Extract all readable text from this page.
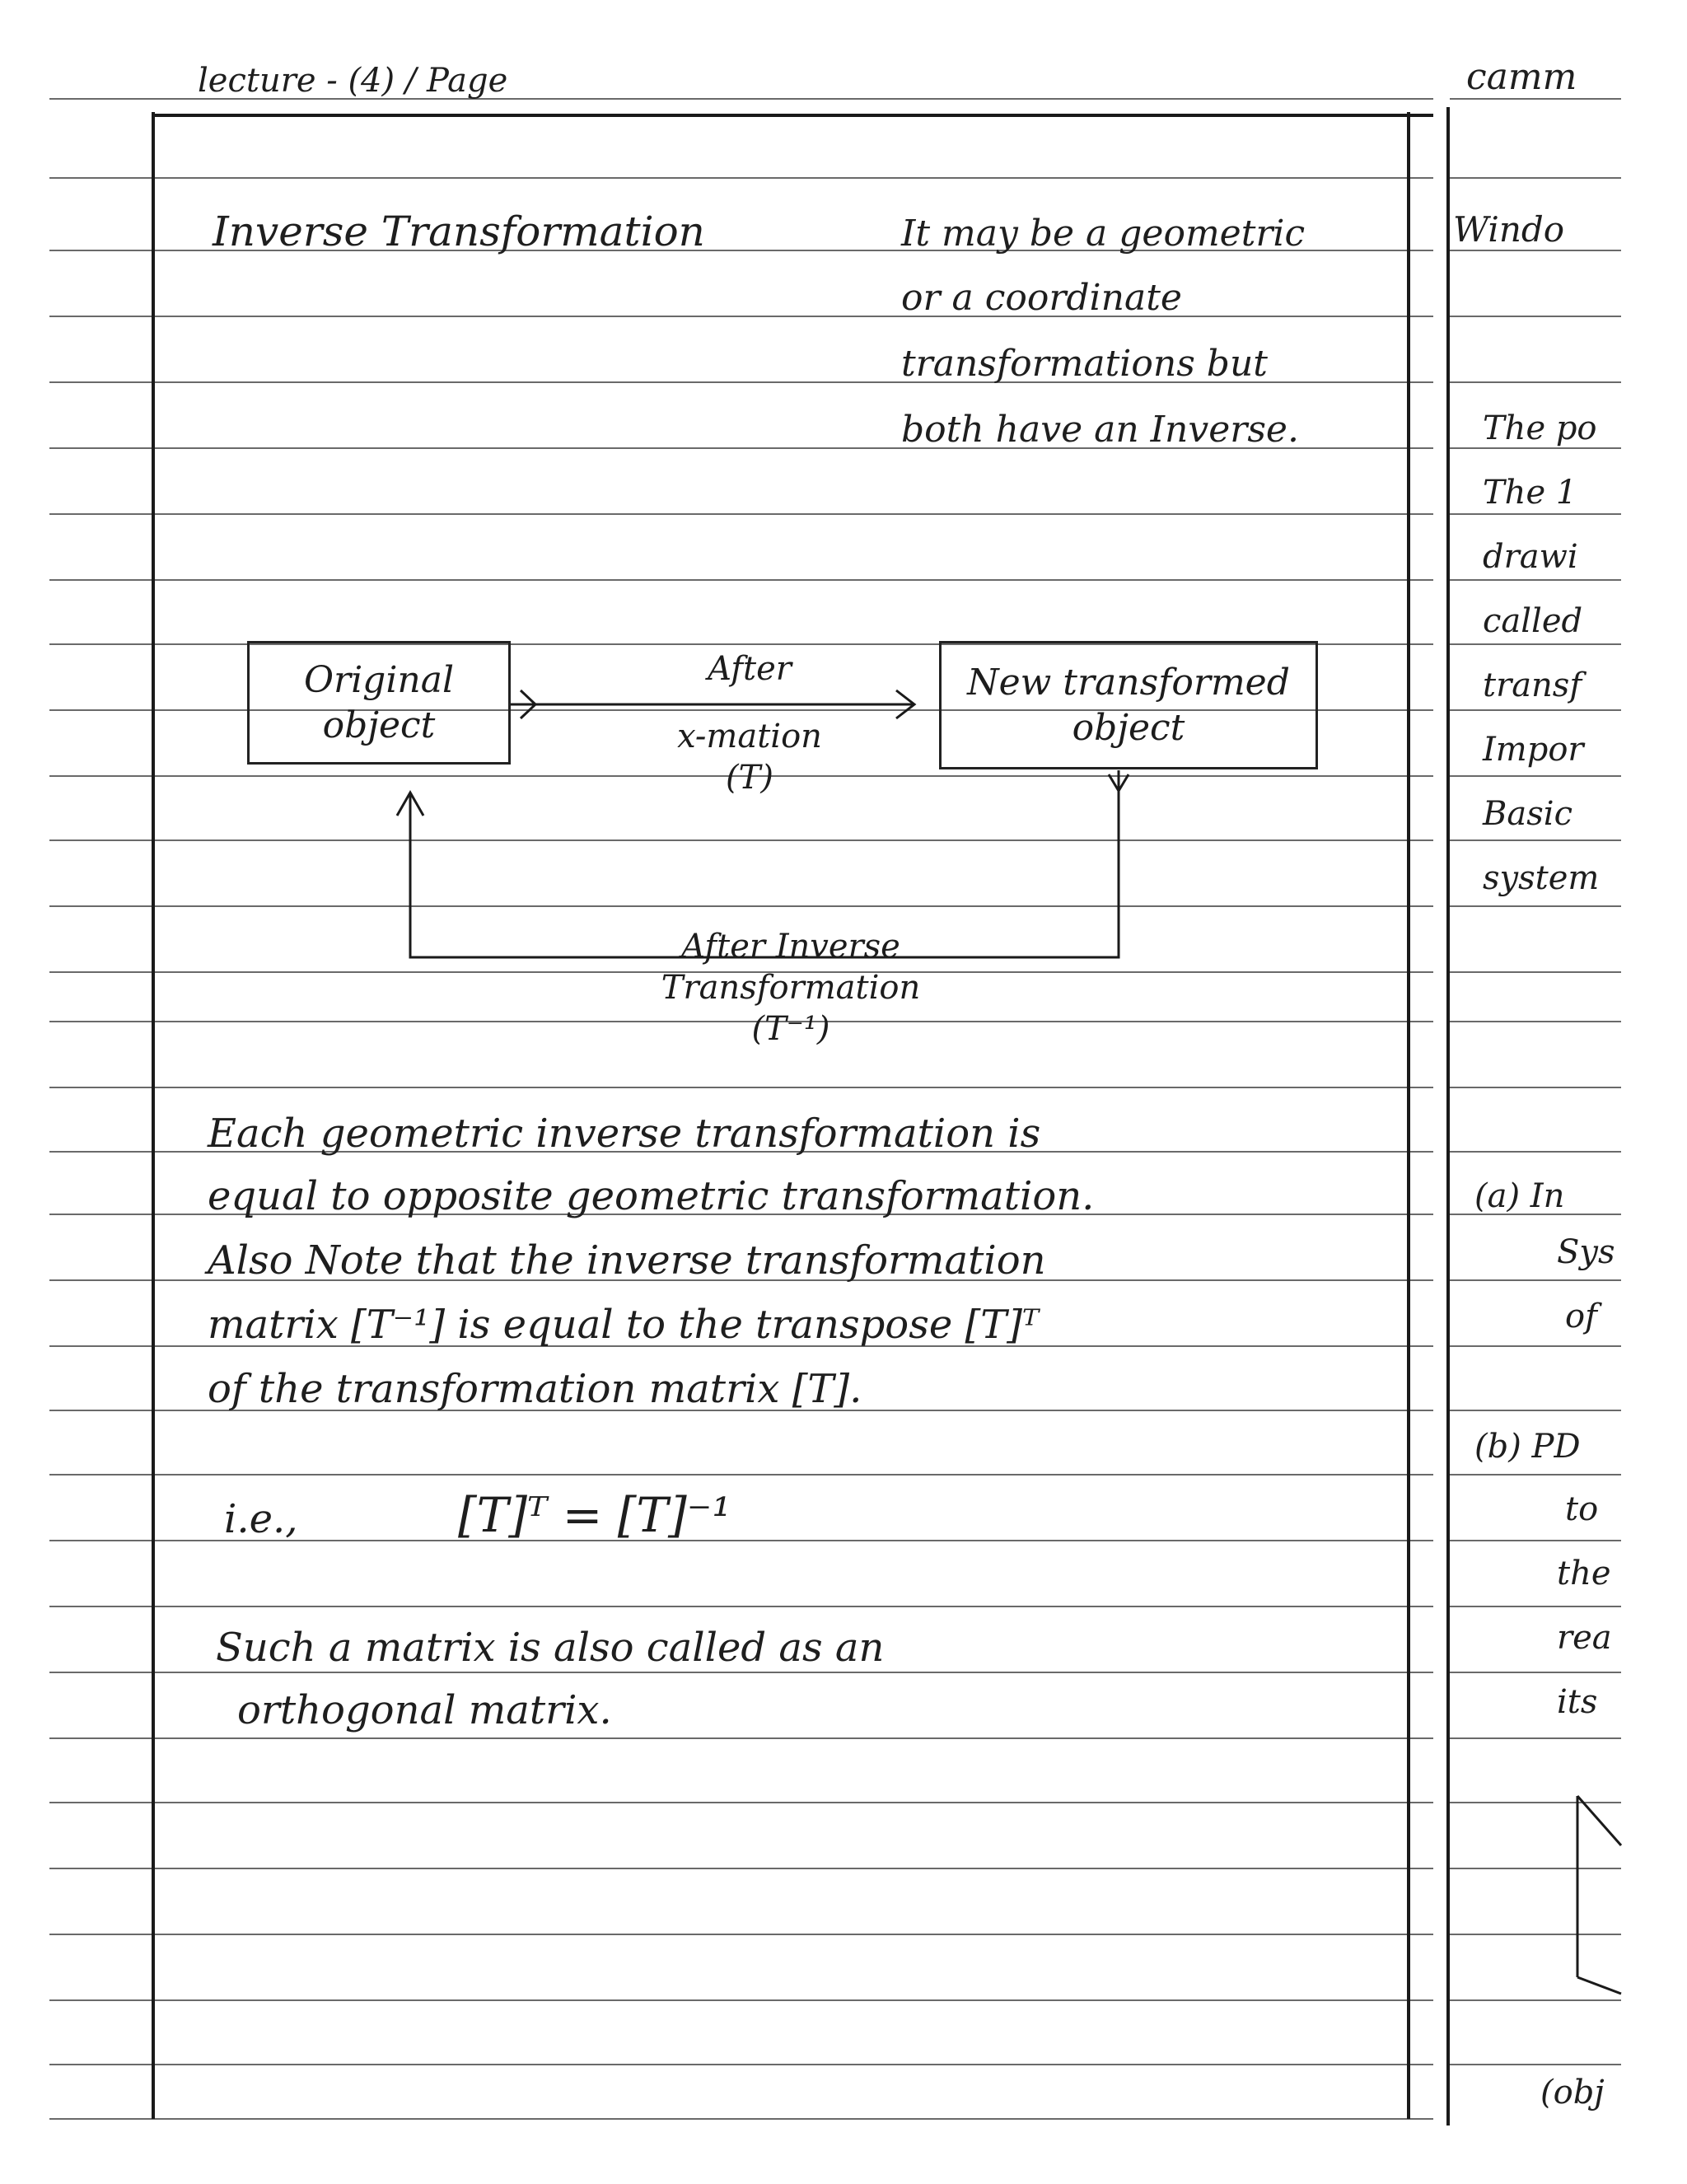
lecture - (4) / Page	camm
Inverse Transformation	It may be a geometric
or a coordinate
transformations but
both have an Inverse.
Original
object
New transformed
object
After
x-mation
(T)
After Inverse
Transformation
(T⁻¹)
Each geometric inverse transformation is
equal to opposite geometric transformation.
Also Note that the inverse transformation
matrix [T⁻¹] is equal to the transpose [T]ᵀ
of the transformation matrix [T].
i.e.,	[T]ᵀ = [T]⁻¹
Such a matrix is also called as an
orthogonal matrix.
Windo
The po
The 1
drawi
called
transf
Impor
Basic
system
(a) In
Sys
of
(b) PD
to
the
rea
its
(obj
